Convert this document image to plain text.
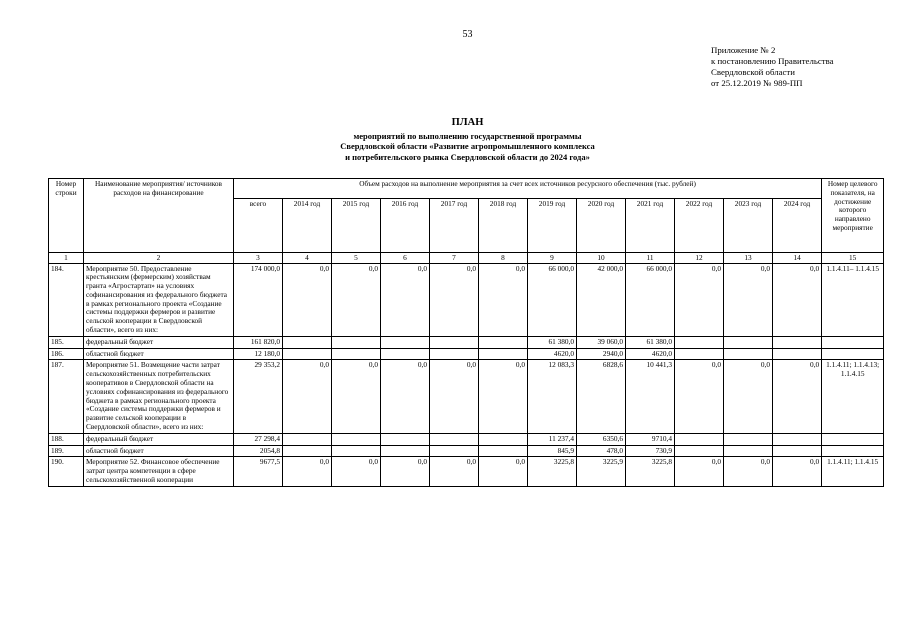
53
Приложение № 2
к постановлению Правительства
Свердловской области
от 25.12.2019 № 989-ПП
ПЛАН
мероприятий по выполнению государственной программы
Свердловской области «Развитие агропромышленного комплекса
и потребительского рынка Свердловской области до 2024 года»
Номер строки	Наименование мероприятия/ источников расходов на финансирование	Объем расходов на выполнение мероприятия за счет всех источников ресурсного обеспечения (тыс. рублей)												Номер целевого показателя, на достижение которого направлено мероприятие
		всего	2014 год	2015 год	2016 год	2017 год	2018 год	2019 год	2020 год	2021 год	2022 год	2023 год	2024 год	
1	2	3	4	5	6	7	8	9	10	11	12	13	14	15
184.	Мероприятие 50. Предоставление крестьянским (фермерским) хозяйствам гранта «Агростартап» на условиях софинансирования из федерального бюджета в рамках регионального проекта «Создание системы поддержки фермеров и развитие сельской кооперации в Свердловской области», всего из них:	174 000,0	0,0	0,0	0,0	0,0	0,0	66 000,0	42 000,0	66 000,0	0,0	0,0	0,0	1.1.4.11– 1.1.4.15
185.	федеральный бюджет	161 820,0						61 380,0	39 060,0	61 380,0				
186.	областной бюджет	12 180,0						4620,0	2940,0	4620,0				
187.	Мероприятие 51. Возмещение части затрат сельскохозяйственных потребительских кооперативов в Свердловской области на условиях софинансирования из федерального бюджета в рамках регионального проекта «Создание системы поддержки фермеров и развитие сельской кооперации в Свердловской области», всего из них:	29 353,2	0,0	0,0	0,0	0,0	0,0	12 083,3	6828,6	10 441,3	0,0	0,0	0,0	1.1.4.11; 1.1.4.13; 1.1.4.15
188.	федеральный бюджет	27 298,4						11 237,4	6350,6	9710,4				
189.	областной бюджет	2054,8						845,9	478,0	730,9				
190.	Мероприятие 52. Финансовое обеспечение затрат центра компетенции в сфере сельскохозяйственной кооперации	9677,5	0,0	0,0	0,0	0,0	0,0	3225,8	3225,9	3225,8	0,0	0,0	0,0	1.1.4.11; 1.1.4.15
